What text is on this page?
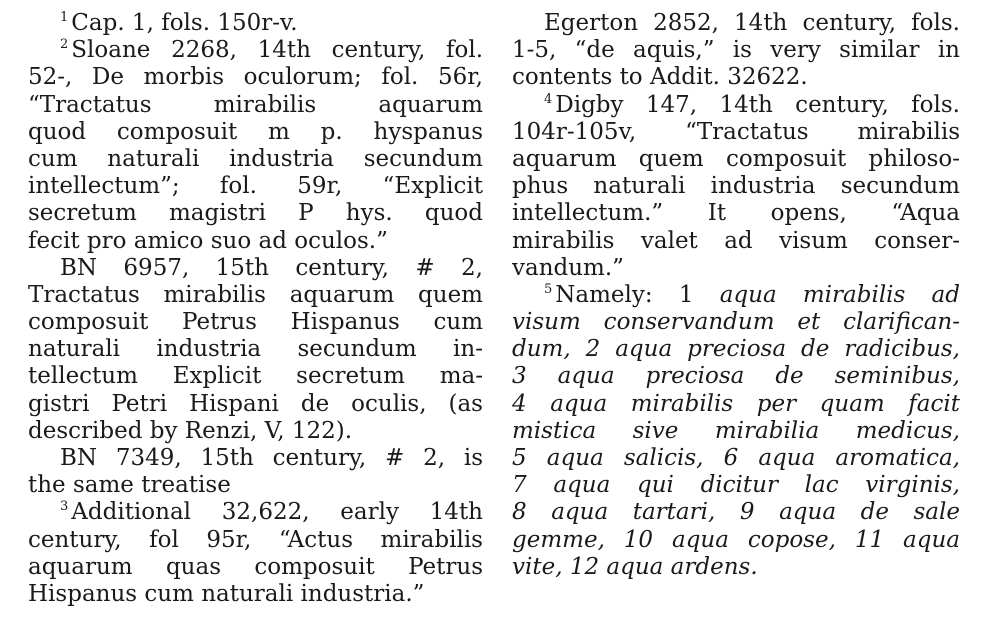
$^1$ Cap. 1, fols. 150r-v.
$^2$ Sloane 2268, 14th century, fol.
52-, De morbis oculorum; fol. 56r,
“Tractatus mirabilis aquarum
quod composuit m p. hyspanus
cum naturali industria secundum
intellectum”; fol. 59r, “Explicit
secretum magistri P hys. quod
fecit pro amico suo ad oculos.”
BN 6957, 15th century, # 2,
Tractatus mirabilis aquarum quem
composuit Petrus Hispanus cum
naturali industria secundum in-
tellectum Explicit secretum ma-
gistri Petri Hispani de oculis, (as
described by Renzi, V, 122).
BN 7349, 15th century, # 2, is
the same treatise
$^3$ Additional 32,622, early 14th
century, fol 95r, “Actus mirabilis
aquarum quas composuit Petrus
Hispanus cum naturali industria.”
Egerton 2852, 14th century, fols.
1-5, “de aquis,” is very similar in
contents to Addit. 32622.
$^4$ Digby 147, 14th century, fols.
104r-105v, “Tractatus mirabilis
aquarum quem composuit philoso-
phus naturali industria secundum
intellectum.” It opens, “Aqua
mirabilis valet ad visum conser-
vandum.”
$^5$ Namely: 1 aqua mirabilis ad
visum conservandum et clarifican-
dum, 2 aqua preciosa de radicibus,
3 aqua preciosa de seminibus,
4 aqua mirabilis per quam facit
mistica sive mirabilia medicus,
5 aqua salicis, 6 aqua aromatica,
7 aqua qui dicitur lac virginis,
8 aqua tartari, 9 aqua de sale
gemme, 10 aqua copose, 11 aqua
vite, 12 aqua ardens.
